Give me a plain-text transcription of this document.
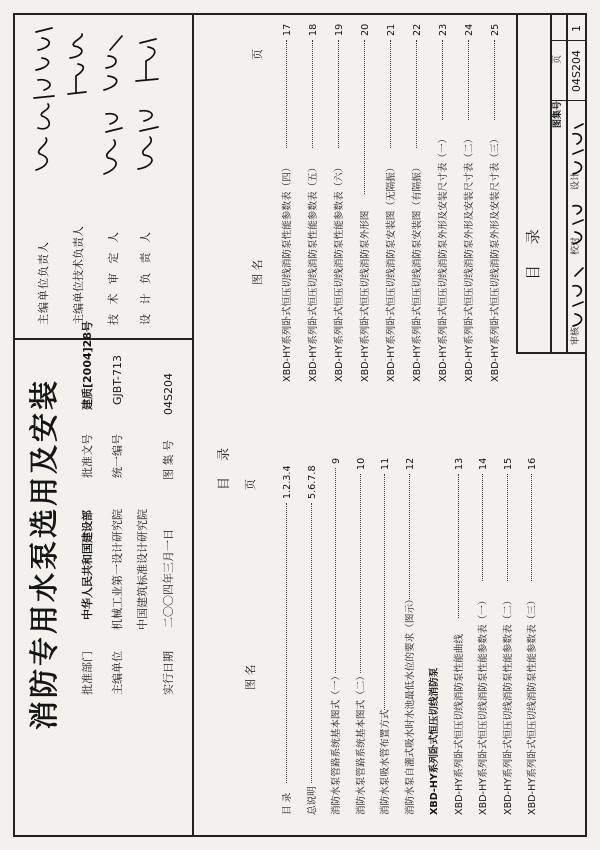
消防专用水泵选用及安装 批准部门
中华人民共和国建设部
批准文号
建质[2004]28号
主编单位
机械工业第一设计研究院
统一编号
GJBT-713
中国建筑标准设计研究院
实行日期
二〇〇四年三月一日
图 集 号
04S204
主编单位负责人 主编单位技术负责人 技 术 审 定 人 设 计 负 责 人
目 录
图 名
页
图 名
页
目 录
1.2.3.4
总说明
5.6.7.8
消防水泵管路系统基本图式（一）
9
消防水泵管路系统基本图式（二）
10
消防水泵吸水管布置方式
11
消防水泵自灌式吸水时水池最低水位的要求（图示）
12
XBD-HY系列卧式恒压切线消防泵 XBD-HY系列卧式恒压切线消防泵性能曲线
13
XBD-HY系列卧式恒压切线消防泵性能参数表（一）
14
XBD-HY系列卧式恒压切线消防泵性能参数表（二）
15
XBD-HY系列卧式恒压切线消防泵性能参数表（三）
16
XBD-HY系列卧式恒压切线消防泵性能参数表（四）
17
XBD-HY系列卧式恒压切线消防泵性能参数表（五）
18
XBD-HY系列卧式恒压切线消防泵性能参数表（六）
19
XBD-HY系列卧式恒压切线消防泵外形图
20
XBD-HY系列卧式恒压切线消防泵安装图（无隔振）
21
XBD-HY系列卧式恒压切线消防泵安装图（有隔振）
22
XBD-HY系列卧式恒压切线消防泵外形及安装尺寸表（一）
23
XBD-HY系列卧式恒压切线消防泵外形及安装尺寸表（二）
24
XBD-HY系列卧式恒压切线消防泵外形及安装尺寸表（三）
25
目 录
图集号
04S204
页
1
审核
校对
设计
